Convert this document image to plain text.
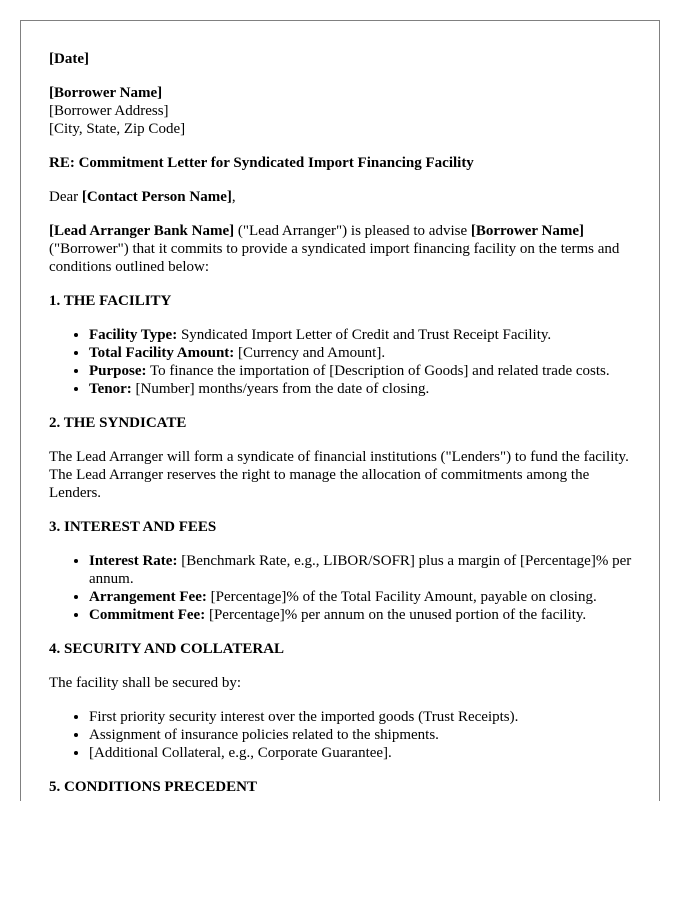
[Date]

[Borrower Name]
[Borrower Address]
[City, State, Zip Code]

RE: Commitment Letter for Syndicated Import Financing Facility

Dear [Contact Person Name],

[Lead Arranger Bank Name] ("Lead Arranger") is pleased to advise [Borrower Name] ("Borrower") that it commits to provide a syndicated import financing facility on the terms and conditions outlined below:

1. THE FACILITY
• Facility Type: Syndicated Import Letter of Credit and Trust Receipt Facility.
• Total Facility Amount: [Currency and Amount].
• Purpose: To finance the importation of [Description of Goods] and related trade costs.
• Tenor: [Number] months/years from the date of closing.
2. THE SYNDICATE

The Lead Arranger will form a syndicate of financial institutions ("Lenders") to fund the facility. The Lead Arranger reserves the right to manage the allocation of commitments among the Lenders.

3. INTEREST AND FEES
• Interest Rate: [Benchmark Rate, e.g., LIBOR/SOFR] plus a margin of [Percentage]% per annum.
• Arrangement Fee: [Percentage]% of the Total Facility Amount, payable on closing.
• Commitment Fee: [Percentage]% per annum on the unused portion of the facility.
4. SECURITY AND COLLATERAL

The facility shall be secured by:

• First priority security interest over the imported goods (Trust Receipts).
• Assignment of insurance policies related to the shipments.
• [Additional Collateral, e.g., Corporate Guarantee].
5. CONDITIONS PRECEDENT
